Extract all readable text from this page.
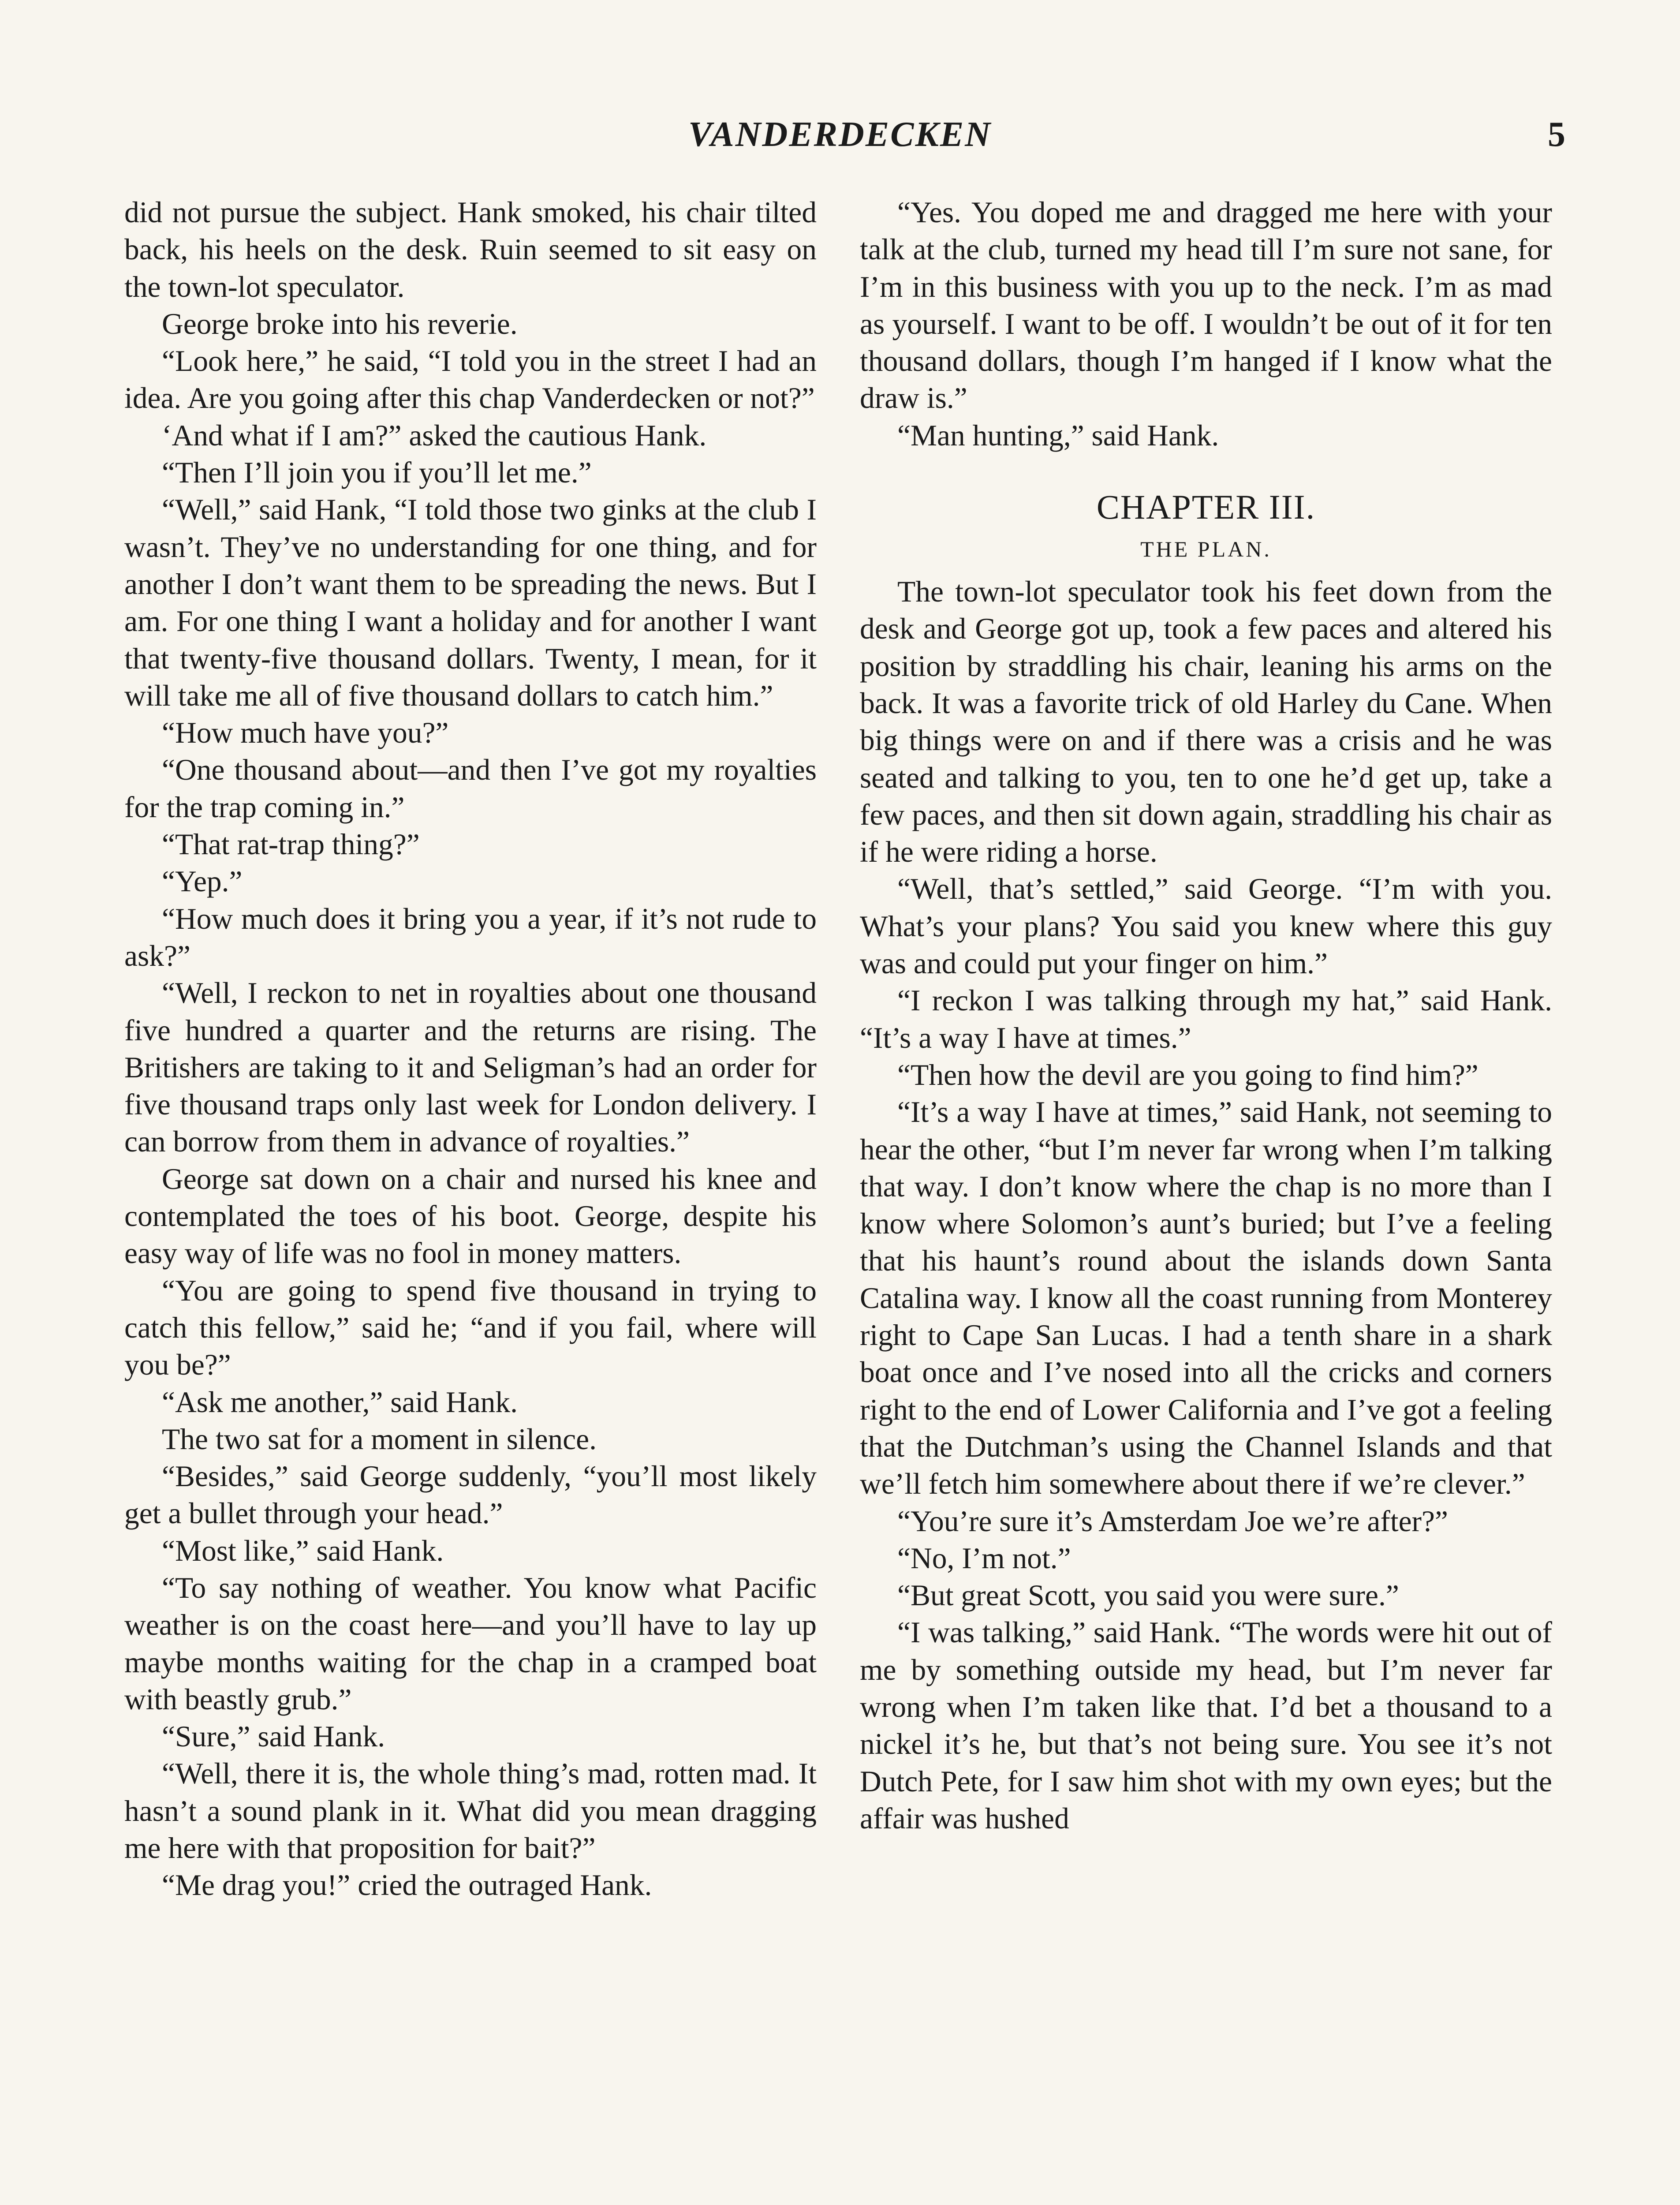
VANDERDECKEN	5

did not pursue the subject. Hank smoked, his chair tilted back, his heels on the desk. Ruin seemed to sit easy on the town-lot speculator.

George broke into his reverie.

“Look here,” he said, “I told you in the street I had an idea. Are you going after this chap Vanderdecken or not?”

‘And what if I am?” asked the cautious Hank.

“Then I’ll join you if you’ll let me.”

“Well,” said Hank, “I told those two ginks at the club I wasn’t. They’ve no understanding for one thing, and for another I don’t want them to be spreading the news. But I am. For one thing I want a holiday and for another I want that twenty-five thousand dollars. Twenty, I mean, for it will take me all of five thousand dollars to catch him.”

“How much have you?”

“One thousand about—and then I’ve got my royalties for the trap coming in.”

“That rat-trap thing?”

“Yep.”

“How much does it bring you a year, if it’s not rude to ask?”

“Well, I reckon to net in royalties about one thousand five hundred a quarter and the returns are rising. The Britishers are taking to it and Seligman’s had an order for five thousand traps only last week for London delivery. I can borrow from them in advance of royalties.”

George sat down on a chair and nursed his knee and contemplated the toes of his boot. George, despite his easy way of life was no fool in money matters.

“You are going to spend five thousand in trying to catch this fellow,” said he; “and if you fail, where will you be?”

“Ask me another,” said Hank.

The two sat for a moment in silence.

“Besides,” said George suddenly, “you’ll most likely get a bullet through your head.”

“Most like,” said Hank.

“To say nothing of weather. You know what Pacific weather is on the coast here—and you’ll have to lay up maybe months waiting for the chap in a cramped boat with beastly grub.”

“Sure,” said Hank.

“Well, there it is, the whole thing’s mad, rotten mad. It hasn’t a sound plank in it. What did you mean dragging me here with that proposition for bait?”

“Me drag you!” cried the outraged Hank.

“Yes. You doped me and dragged me here with your talk at the club, turned my head till I’m sure not sane, for I’m in this business with you up to the neck. I’m as mad as yourself. I want to be off. I wouldn’t be out of it for ten thousand dollars, though I’m hanged if I know what the draw is.”

“Man hunting,” said Hank.

CHAPTER III.
THE PLAN.

The town-lot speculator took his feet down from the desk and George got up, took a few paces and altered his position by straddling his chair, leaning his arms on the back. It was a favorite trick of old Harley du Cane. When big things were on and if there was a crisis and he was seated and talking to you, ten to one he’d get up, take a few paces, and then sit down again, straddling his chair as if he were riding a horse.

“Well, that’s settled,” said George. “I’m with you. What’s your plans? You said you knew where this guy was and could put your finger on him.”

“I reckon I was talking through my hat,” said Hank. “It’s a way I have at times.”

“Then how the devil are you going to find him?”

“It’s a way I have at times,” said Hank, not seeming to hear the other, “but I’m never far wrong when I’m talking that way. I don’t know where the chap is no more than I know where Solomon’s aunt’s buried; but I’ve a feeling that his haunt’s round about the islands down Santa Catalina way. I know all the coast running from Monterey right to Cape San Lucas. I had a tenth share in a shark boat once and I’ve nosed into all the cricks and corners right to the end of Lower California and I’ve got a feeling that the Dutchman’s using the Channel Islands and that we’ll fetch him somewhere about there if we’re clever.”

“You’re sure it’s Amsterdam Joe we’re after?”

“No, I’m not.”

“But great Scott, you said you were sure.”

“I was talking,” said Hank. “The words were hit out of me by something outside my head, but I’m never far wrong when I’m taken like that. I’d bet a thousand to a nickel it’s he, but that’s not being sure. You see it’s not Dutch Pete, for I saw him shot with my own eyes; but the affair was hushed
